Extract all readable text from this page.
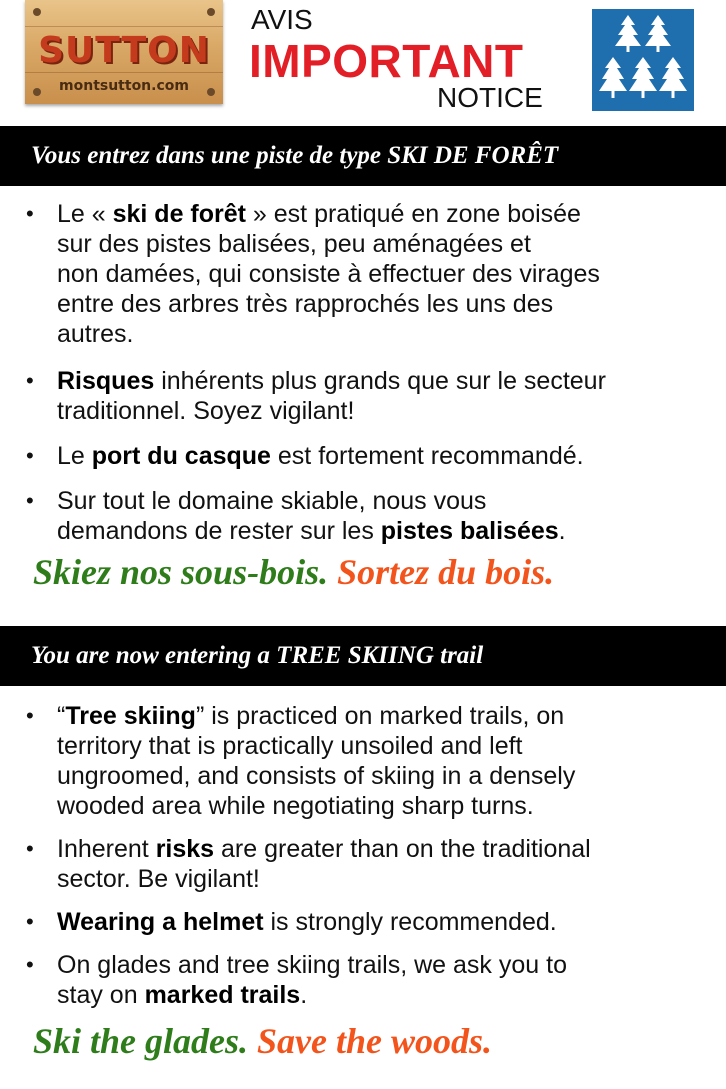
SUTTON
montsutton.com
AVIS
IMPORTANT
NOTICE
Vous entrez dans une piste de type SKI DE FORÊT
• Le « ski de forêt » est pratiqué en zone boisée
sur des pistes balisées, peu aménagées et
non damées, qui consiste à effectuer des virages
entre des arbres très rapprochés les uns des
autres.
• Risques inhérents plus grands que sur le secteur
traditionnel. Soyez vigilant!
• Le port du casque est fortement recommandé.
• Sur tout le domaine skiable, nous vous
demandons de rester sur les pistes balisées.
Skiez nos sous-bois. Sortez du bois.
You are now entering a TREE SKIING trail
• “Tree skiing” is practiced on marked trails, on
territory that is practically unsoiled and left
ungroomed, and consists of skiing in a densely
wooded area while negotiating sharp turns.
• Inherent risks are greater than on the traditional
sector. Be vigilant!
• Wearing a helmet is strongly recommended.
• On glades and tree skiing trails, we ask you to
stay on marked trails.
Ski the glades. Save the woods.
